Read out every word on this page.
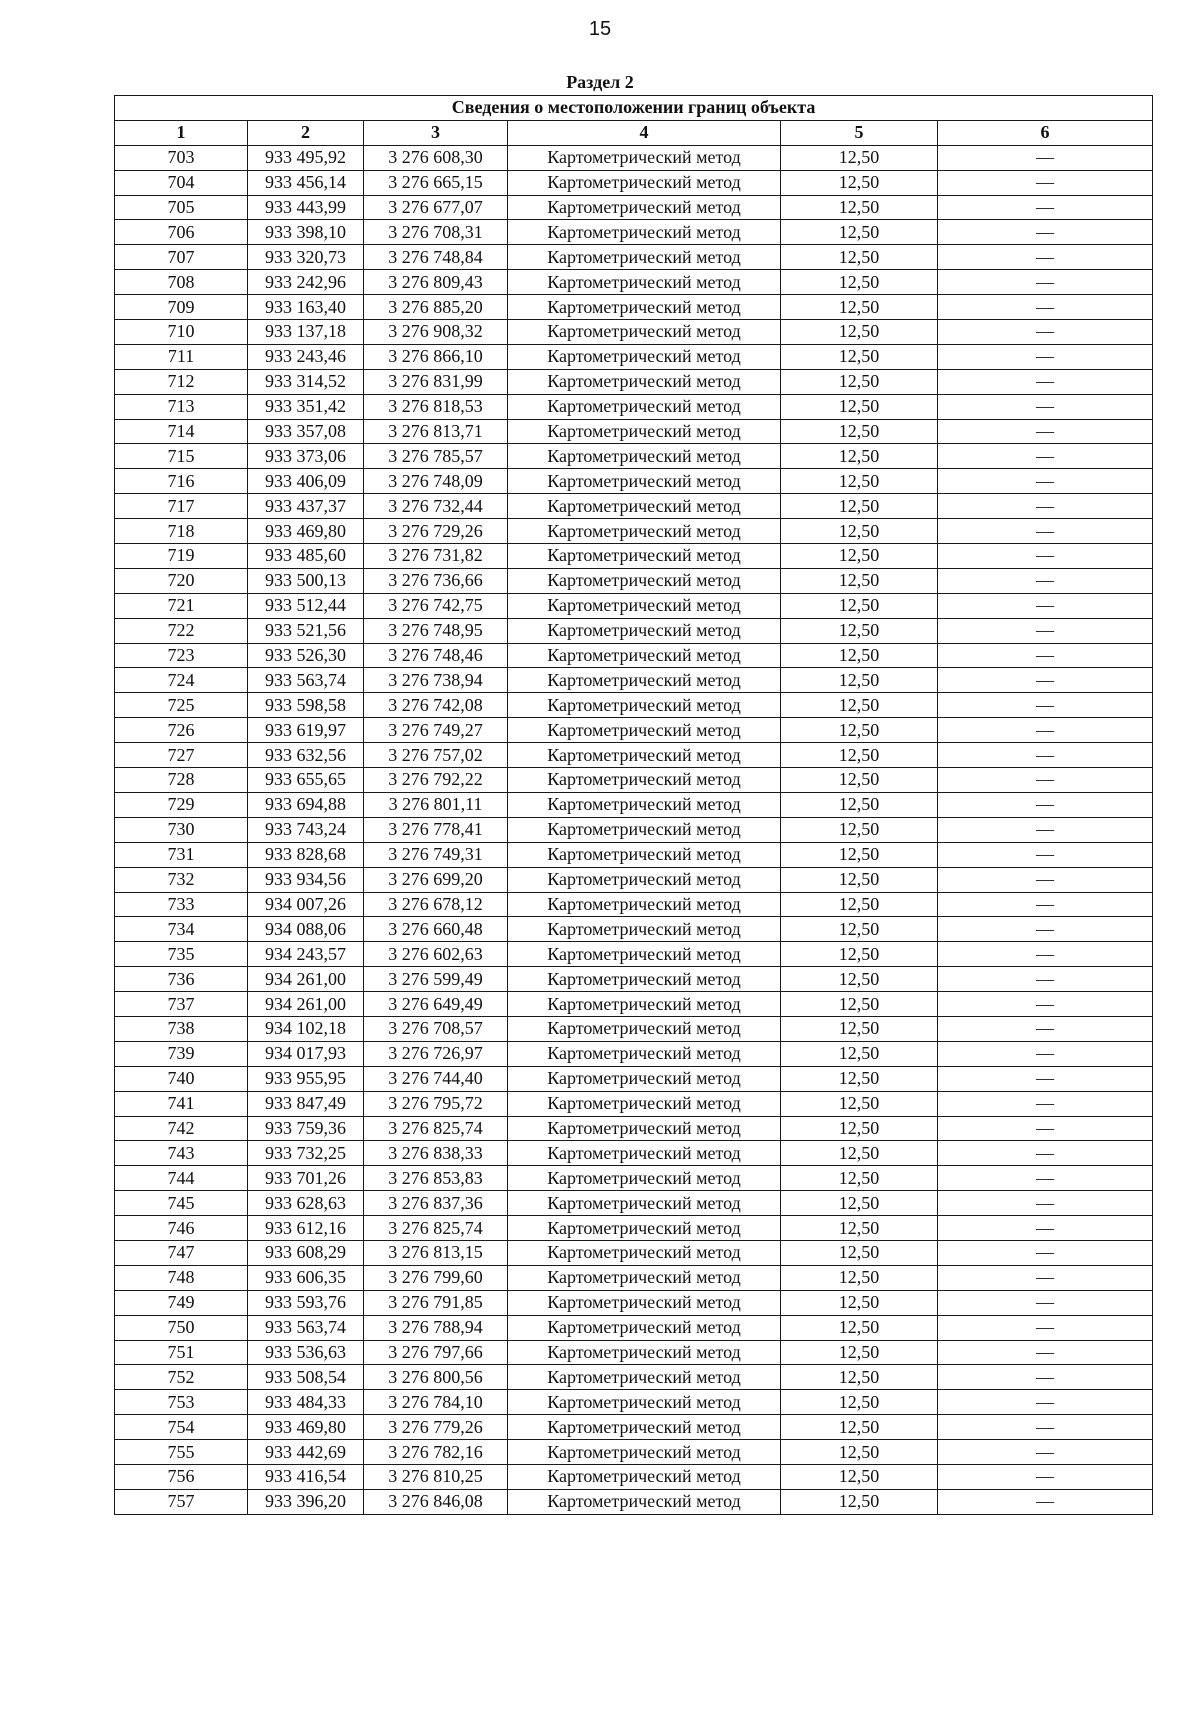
15
Раздел 2
Сведения о местоположении границ объекта					
1	2	3	4	5	6
703	933 495,92	3 276 608,30	Картометрический метод	12,50	—
704	933 456,14	3 276 665,15	Картометрический метод	12,50	—
705	933 443,99	3 276 677,07	Картометрический метод	12,50	—
706	933 398,10	3 276 708,31	Картометрический метод	12,50	—
707	933 320,73	3 276 748,84	Картометрический метод	12,50	—
708	933 242,96	3 276 809,43	Картометрический метод	12,50	—
709	933 163,40	3 276 885,20	Картометрический метод	12,50	—
710	933 137,18	3 276 908,32	Картометрический метод	12,50	—
711	933 243,46	3 276 866,10	Картометрический метод	12,50	—
712	933 314,52	3 276 831,99	Картометрический метод	12,50	—
713	933 351,42	3 276 818,53	Картометрический метод	12,50	—
714	933 357,08	3 276 813,71	Картометрический метод	12,50	—
715	933 373,06	3 276 785,57	Картометрический метод	12,50	—
716	933 406,09	3 276 748,09	Картометрический метод	12,50	—
717	933 437,37	3 276 732,44	Картометрический метод	12,50	—
718	933 469,80	3 276 729,26	Картометрический метод	12,50	—
719	933 485,60	3 276 731,82	Картометрический метод	12,50	—
720	933 500,13	3 276 736,66	Картометрический метод	12,50	—
721	933 512,44	3 276 742,75	Картометрический метод	12,50	—
722	933 521,56	3 276 748,95	Картометрический метод	12,50	—
723	933 526,30	3 276 748,46	Картометрический метод	12,50	—
724	933 563,74	3 276 738,94	Картометрический метод	12,50	—
725	933 598,58	3 276 742,08	Картометрический метод	12,50	—
726	933 619,97	3 276 749,27	Картометрический метод	12,50	—
727	933 632,56	3 276 757,02	Картометрический метод	12,50	—
728	933 655,65	3 276 792,22	Картометрический метод	12,50	—
729	933 694,88	3 276 801,11	Картометрический метод	12,50	—
730	933 743,24	3 276 778,41	Картометрический метод	12,50	—
731	933 828,68	3 276 749,31	Картометрический метод	12,50	—
732	933 934,56	3 276 699,20	Картометрический метод	12,50	—
733	934 007,26	3 276 678,12	Картометрический метод	12,50	—
734	934 088,06	3 276 660,48	Картометрический метод	12,50	—
735	934 243,57	3 276 602,63	Картометрический метод	12,50	—
736	934 261,00	3 276 599,49	Картометрический метод	12,50	—
737	934 261,00	3 276 649,49	Картометрический метод	12,50	—
738	934 102,18	3 276 708,57	Картометрический метод	12,50	—
739	934 017,93	3 276 726,97	Картометрический метод	12,50	—
740	933 955,95	3 276 744,40	Картометрический метод	12,50	—
741	933 847,49	3 276 795,72	Картометрический метод	12,50	—
742	933 759,36	3 276 825,74	Картометрический метод	12,50	—
743	933 732,25	3 276 838,33	Картометрический метод	12,50	—
744	933 701,26	3 276 853,83	Картометрический метод	12,50	—
745	933 628,63	3 276 837,36	Картометрический метод	12,50	—
746	933 612,16	3 276 825,74	Картометрический метод	12,50	—
747	933 608,29	3 276 813,15	Картометрический метод	12,50	—
748	933 606,35	3 276 799,60	Картометрический метод	12,50	—
749	933 593,76	3 276 791,85	Картометрический метод	12,50	—
750	933 563,74	3 276 788,94	Картометрический метод	12,50	—
751	933 536,63	3 276 797,66	Картометрический метод	12,50	—
752	933 508,54	3 276 800,56	Картометрический метод	12,50	—
753	933 484,33	3 276 784,10	Картометрический метод	12,50	—
754	933 469,80	3 276 779,26	Картометрический метод	12,50	—
755	933 442,69	3 276 782,16	Картометрический метод	12,50	—
756	933 416,54	3 276 810,25	Картометрический метод	12,50	—
757	933 396,20	3 276 846,08	Картометрический метод	12,50	—
